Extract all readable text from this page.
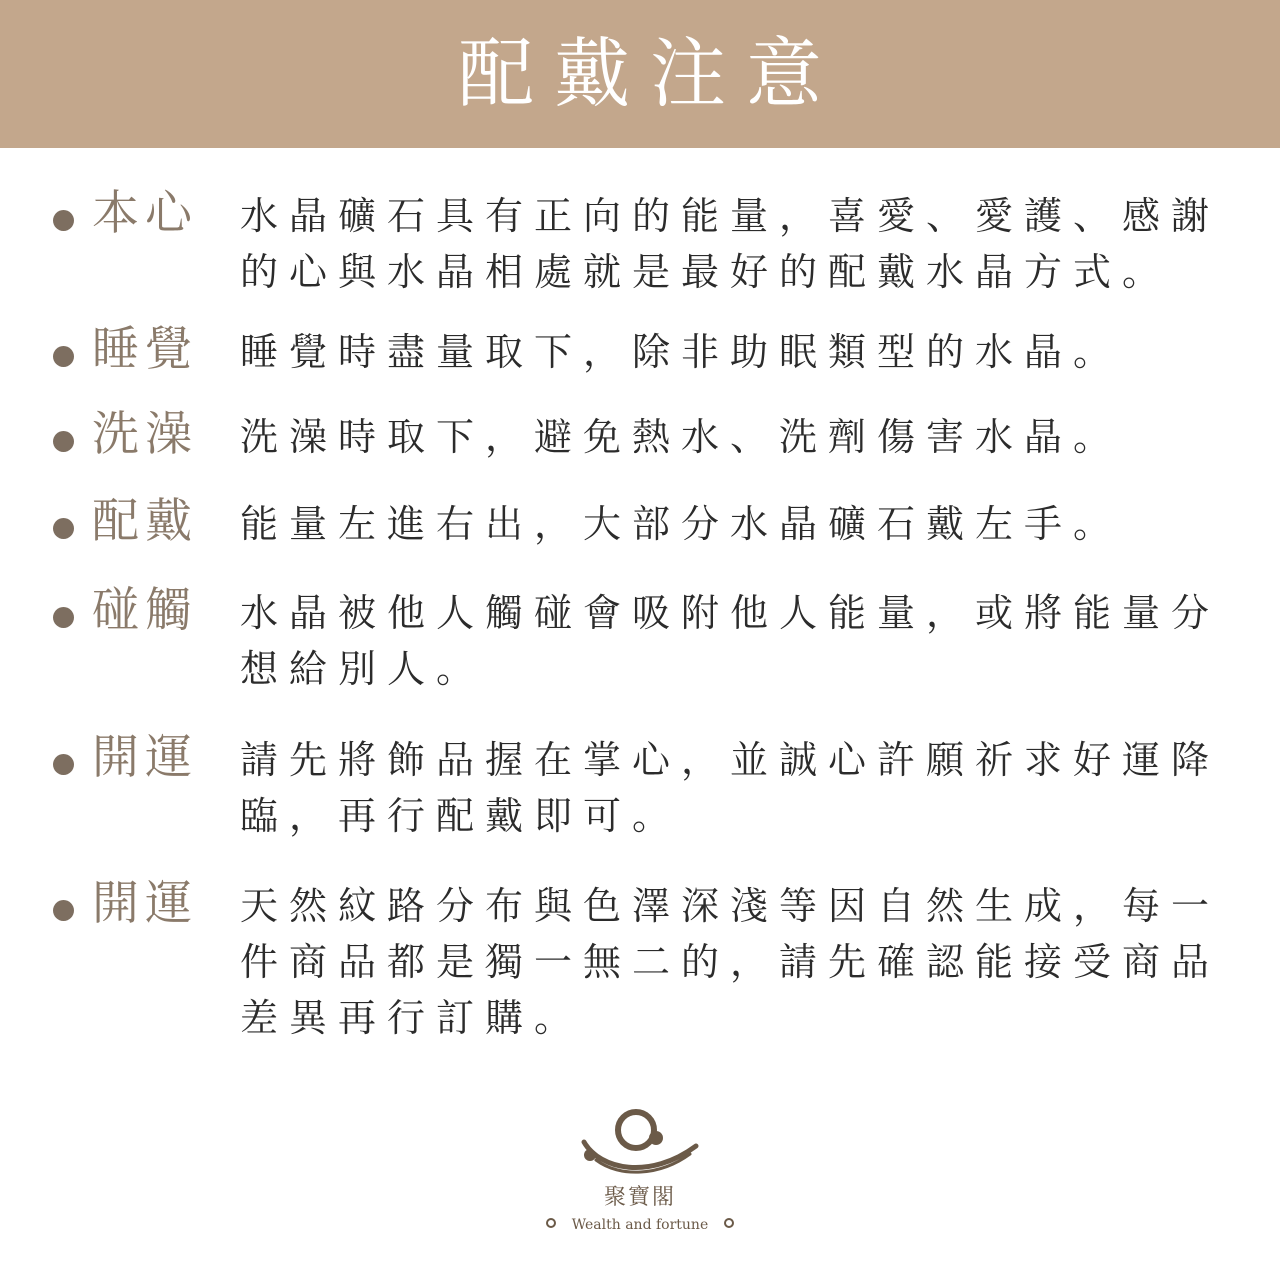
配戴注意
本心 水晶礦石具有正向的能量，喜愛、愛護、感謝
的心與水晶相處就是最好的配戴水晶方式。
睡覺 睡覺時盡量取下，除非助眠類型的水晶。
洗澡 洗澡時取下，避免熱水、洗劑傷害水晶。
配戴 能量左進右出，大部分水晶礦石戴左手。
碰觸 水晶被他人觸碰會吸附他人能量，或將能量分
想給別人。
開運 請先將飾品握在掌心，並誠心許願祈求好運降
臨，再行配戴即可。
開運 天然紋路分布與色澤深淺等因自然生成，每一
件商品都是獨一無二的，請先確認能接受商品
差異再行訂購。
聚寶閣
Wealth and fortune
